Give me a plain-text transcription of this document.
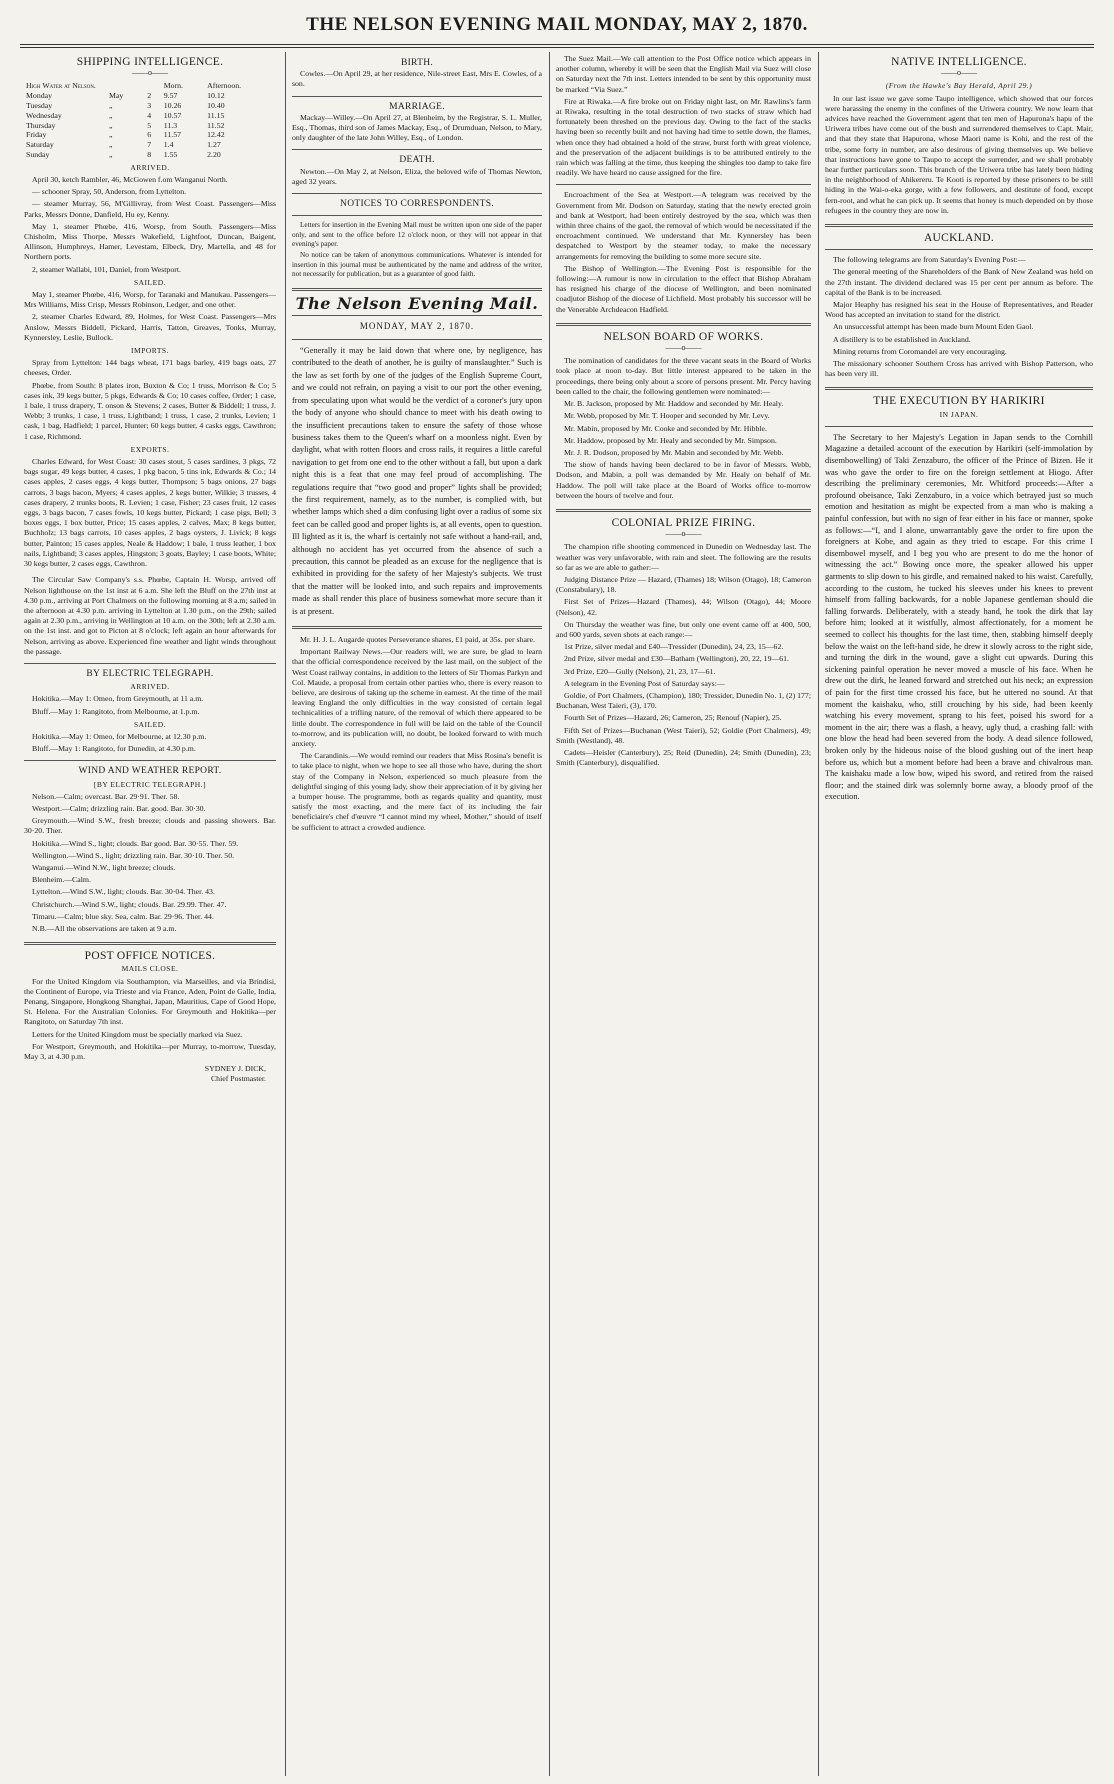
THE NELSON EVENING MAIL MONDAY, MAY 2, 1870.
SHIPPING INTELLIGENCE.
——o——
High Water at Nelson.			Morn.	Afternoon.
Monday	May	2	9.57	10.12
Tuesday	„	3	10.26	10.40
Wednesday	„	4	10.57	11.15
Thursday	„	5	11.3	11.52
Friday	„	6	11.57	12.42
Saturday	„	7	1.4	1.27
Sunday	„	8	1.55	2.20
ARRIVED.

April 30, ketch Rambler, 46, McGowen f.om Wanganui North.

— schooner Spray, 50, Anderson, from Lyttelton.

— steamer Murray, 56, M'Gillivray, from West Coast. Passengers—Miss Parks, Messrs Donne, Danfield, Hu ey, Kenny.

May 1, steamer Phœbe, 416, Worsp, from South. Passengers—Miss Chisholm, Miss Thorpe, Messrs Wakefield, Lightfoot, Duncan, Baigent, Allinson, Humphreys, Hamer, Levestam, Elbeck, Dry, Martella, and 48 for Northern ports.

2, steamer Wallabi, 101, Daniel, from Westport.

SAILED.

May 1, steamer Phœbe, 416, Worsp, for Taranaki and Manukau. Passengers—Mrs Williams, Miss Crisp, Messrs Robinson, Ledger, and one other.

2, steamer Charles Edward, 89, Holmes, for West Coast. Passengers—Mrs Anslow, Messrs Biddell, Pickard, Harris, Tatton, Greaves, Tonks, Murray, Kynnersley, Leslie, Bullock.

IMPORTS.

Spray from Lyttelton: 144 bags wheat, 171 bags barley, 419 bags oats, 27 cheeses, Order.

Phœbe, from South: 8 plates iron, Buxton & Co; 1 truss, Morrison & Co; 5 cases ink, 39 kegs butter, 5 pkgs, Edwards & Co; 10 cases coffee, Order; 1 case, 1 bale, 1 truss drapery, T. onson & Stevens; 2 cases, Butter & Biddell; 1 truss, J. Webb; 3 trunks, 1 case, 1 truss, Lightband; 1 truss, 1 case, 2 trunks, Levien; 1 cask, 1 bag, Hadfield; 1 parcel, Hunter; 60 kegs butter, 4 casks eggs, Cawthron; 1 case, Richmond.

EXPORTS.

Charles Edward, for West Coast: 30 cases stout, 5 cases sardines, 3 pkgs, 72 bags sugar, 49 kegs butter, 4 cases, 1 pkg bacon, 5 tins ink, Edwards & Co.; 14 cases apples, 2 cases eggs, 4 kegs butter, Thompson; 5 bags onions, 27 bags carrots, 3 bags bacon, Myers; 4 cases apples, 2 kegs butter, Wilkie; 3 trusses, 4 cases drapery, 2 trunks boots, R. Levien; 1 case, Fisher; 23 cases fruit, 12 cases eggs, 3 bags bacon, 7 cases fowls, 10 kegs butter, Pickard; 1 case pigs, Bell; 3 boxes eggs, 1 box butter, Price; 15 cases apples, 2 calves, Max; 8 kegs butter, Buchholz; 13 bags carrots, 10 cases apples, 2 bags oysters, J. Livick; 8 kegs butter, Painton; 15 cases apples, Neale & Haddow; 1 bale, 1 truss leather, 1 box nails, Lightband; 3 cases apples, Hingston; 3 goats, Bayley; 1 case boots, White; 30 kegs butter, 2 cases eggs, Cawthron.

The Circular Saw Company's s.s. Phœbe, Captain H. Worsp, arrived off Nelson lighthouse on the 1st inst at 6 a.m. She left the Bluff on the 27th inst at 4.30 p.m., arriving at Port Chalmers on the following morning at 8 a.m; sailed in the afternoon at 4.30 p.m. arriving in Lyttelton at 1.30 p.m., on the 29th; sailed again at 2.30 p.m., arriving in Wellington at 10 a.m. on the 30th; left at 2.30 a.m. on the 1st inst. and got to Picton at 8 o'clock; left again an hour afterwards for Nelson, arriving as above. Experienced fine weather and light winds throughout the passage.

BY ELECTRIC TELEGRAPH.
ARRIVED.

Hokitika.—May 1: Omeo, from Greymouth, at 11 a.m.

Bluff.—May 1: Rangitoto, from Melbourne, at 1.p.m.

SAILED.

Hokitika.—May 1: Omeo, for Melbourne, at 12.30 p.m.

Bluff.—May 1: Rangitoto, for Dunedin, at 4.30 p.m.

WIND AND WEATHER REPORT.
[BY ELECTRIC TELEGRAPH.]

Nelson.—Calm; overcast. Bar. 29·91. Ther. 58.

Westport.—Calm; drizzling rain. Bar. good. Bar. 30·30.

Greymouth.—Wind S.W., fresh breeze; clouds and passing showers. Bar. 30·20. Ther.

Hokitika.—Wind S., light; clouds. Bar good. Bar. 30·55. Ther. 59.

Wellington.—Wind S., light; drizzling rain. Bar. 30·10. Ther. 50.

Wanganui.—Wind N.W., light breeze; clouds.

Blenheim.—Calm.

Lyttelton.—Wind S.W., light; clouds. Bar. 30·04. Ther. 43.

Christchurch.—Wind S.W., light; clouds. Bar. 29.99. Ther. 47.

Timaru.—Calm; blue sky. Sea, calm. Bar. 29·96. Ther. 44.

N.B.—All the observations are taken at 9 a.m.

POST OFFICE NOTICES.
MAILS CLOSE.

For the United Kingdom via Southampton, via Marseilles, and via Brindisi, the Continent of Europe, via Trieste and via France, Aden, Point de Galle, India, Penang, Singapore, Hongkong Shanghai, Japan, Mauritius, Cape of Good Hope, St. Helena. For the Australian Colonies. For Greymouth and Hokitika—per Rangitoto, on Saturday 7th inst.

Letters for the United Kingdom must be specially marked via Suez.

For Westport, Greymouth, and Hokitika—per Murray, to-morrow, Tuesday, May 3, at 4.30 p.m.

SYDNEY J. DICK,
Chief Postmaster.
BIRTH.

Cowles.—On April 29, at her residence, Nile-street East, Mrs E. Cowles, of a son.

MARRIAGE.

Mackay—Willey.—On April 27, at Blenheim, by the Registrar, S. L. Muller, Esq., Thomas, third son of James Mackay, Esq., of Drumduan, Nelson, to Mary, only daughter of the late John Willey, Esq., of London.

DEATH.

Newton.—On May 2, at Nelson, Eliza, the beloved wife of Thomas Newton, aged 32 years.

NOTICES TO CORRESPONDENTS.

Letters for insertion in the Evening Mail must be written upon one side of the paper only, and sent to the office before 12 o'clock noon, or they will not appear in that evening's paper.

No notice can be taken of anonymous communications. Whatever is intended for insertion in this journal must be authenticated by the name and address of the writer, not necessarily for publication, but as a guarantee of good faith.

The Nelson Evening Mail.
MONDAY, MAY 2, 1870.

“Generally it may be laid down that where one, by negligence, has contributed to the death of another, he is guilty of manslaughter.” Such is the law as set forth by one of the judges of the English Supreme Court, and we could not refrain, on paying a visit to our port the other evening, from speculating upon what would be the verdict of a coroner's jury upon the body of anyone who should chance to meet with his death owing to the insufficient precautions taken to ensure the safety of those whose business takes them to the Queen's wharf on a moonless night. Even by daylight, what with rotten floors and cross rails, it requires a little careful navigation to get from one end to the other without a fall, but upon a dark night this is a feat that one may feel proud of accomplishing. The regulations require that “two good and proper” lights shall be provided; the first requirement, namely, as to the number, is complied with, but whether lamps which shed a dim confusing light over a radius of some six feet can be called good and proper lights is, at all events, open to question. Ill lighted as it is, the wharf is certainly not safe without a hand-rail, and, although no accident has yet occurred from the absence of such a precaution, this cannot be pleaded as an excuse for the negligence that is exhibited in providing for the safety of her Majesty's subjects. We trust that the matter will be looked into, and such repairs and improvements made as shall render this place of business somewhat more secure than it is at present.

Mr. H. J. L. Augarde quotes Perseverance shares, £1 paid, at 35s. per share.

Important Railway News.—Our readers will, we are sure, be glad to learn that the official correspondence received by the last mail, on the subject of the West Coast railway contains, in addition to the letters of Sir Thomas Parkyn and Col. Maude, a proposal from certain other parties who, there is every reason to believe, are desirous of taking up the scheme in earnest. At the time of the mail leaving England the only difficulties in the way consisted of certain legal technicalities of a trifling nature, of the removal of which there appeared to be little doubt. The correspondence in full will be laid on the table of the Council to-morrow, and its publication will, no doubt, be looked forward to with much anxiety.

The Carandinis.—We would remind our readers that Miss Rosina's benefit is to take place to night, when we hope to see all those who have, during the short stay of the Company in Nelson, experienced so much pleasure from the delightful singing of this young lady, show their appreciation of it by giving her a bumper house. The programme, both as regards quality and quantity, must satisfy the most exacting, and the mere fact of its including the fair beneficiaire's chef d'œuvre “I cannot mind my wheel, Mother,” should of itself be sufficient to attract a crowded audience.

The Suez Mail.—We call attention to the Post Office notice which appears in another column, whereby it will be seen that the English Mail via Suez will close on Saturday next the 7th inst. Letters intended to be sent by this opportunity must be marked “Via Suez.”

Fire at Riwaka.—A fire broke out on Friday night last, on Mr. Rawlins's farm at Riwaka, resulting in the total destruction of two stacks of straw which had fortunately been threshed on the previous day. Owing to the fact of the stacks having been so recently built and not having had time to settle down, the flames, when once they had obtained a hold of the straw, burst forth with great violence, and the preservation of the adjacent buildings is to be attributed entirely to the rain which was falling at the time, thus keeping the shingles too damp to take fire readily. We have heard no cause assigned for the fire.

Encroachment of the Sea at Westport.—A telegram was received by the Government from Mr. Dodson on Saturday, stating that the newly erected groin and bank at Westport, had been entirely destroyed by the sea, which was then within three chains of the gaol, the removal of which would be necessitated if the encroachment continued. We understand that Mr. Kynnersley has been despatched to Westport by the steamer today, to make the necessary arrangements for removing the building to some more secure site.

The Bishop of Wellington.—The Evening Post is responsible for the following:—A rumour is now in circulation to the effect that Bishop Abraham has resigned his charge of the diocese of Wellington, and been nominated coadjutor Bishop of the diocese of Lichfield. Most probably his successor will be the Venerable Archdeacon Hadfield.

NELSON BOARD OF WORKS.
——o——

The nomination of candidates for the three vacant seats in the Board of Works took place at noon to-day. But little interest appeared to be taken in the proceedings, there being only about a score of persons present. Mr. Percy having been called to the chair, the following gentlemen were nominated:—

Mr. B. Jackson, proposed by Mr. Haddow and seconded by Mr. Healy.

Mr. Webb, proposed by Mr. T. Hooper and seconded by Mr. Levy.

Mr. Mabin, proposed by Mr. Cooke and seconded by Mr. Hibble.

Mr. Haddow, proposed by Mr. Healy and seconded by Mr. Simpson.

Mr. J. R. Dodson, proposed by Mr. Mabin and seconded by Mr. Webb.

The show of hands having been declared to be in favor of Messrs. Webb, Dodson, and Mabin, a poll was demanded by Mr. Healy on behalf of Mr. Haddow. The poll will take place at the Board of Works office to-morrow between the hours of twelve and four.

COLONIAL PRIZE FIRING.
——o——

The champion rifle shooting commenced in Dunedin on Wednesday last. The weather was very unfavorable, with rain and sleet. The following are the results so far as we are able to gather:—

Judging Distance Prize — Hazard, (Thames) 18; Wilson (Otago), 18; Cameron (Constabulary), 18.

First Set of Prizes—Hazard (Thames), 44; Wilson (Otago), 44; Moore (Nelson), 42.

On Thursday the weather was fine, but only one event came off at 400, 500, and 600 yards, seven shots at each range:—

1st Prize, silver medal and £40—Tressider (Dunedin), 24, 23, 15—62.

2nd Prize, silver medal and £30—Batham (Wellington), 20, 22, 19—61.

3rd Prize, £20—Gully (Nelson), 21, 23, 17—61.

A telegram in the Evening Post of Saturday says:—

Goldie, of Port Chalmers, (Champion), 180; Tressider, Dunedin No. 1, (2) 177; Buchanan, West Taieri, (3), 170.

Fourth Set of Prizes—Hazard, 26; Cameron, 25; Renouf (Napier), 25.

Fifth Set of Prizes—Buchanan (West Taieri), 52; Goldie (Port Chalmers), 49; Smith (Westland), 48.

Cadets—Heisler (Canterbury), 25; Reid (Dunedin), 24; Smith (Dunedin), 23; Smith (Canterbury), disqualified.

NATIVE INTELLIGENCE.
——o——
(From the Hawke's Bay Herald, April 29.)

In our last issue we gave some Taupo intelligence, which showed that our forces were harassing the enemy in the confines of the Uriwera country. We now learn that advices have reached the Government agent that ten men of Hapurona's hapu of the Uriwera tribes have come out of the bush and surrendered themselves to Capt. Mair, and that they state that Hapurona, whose Maori name is Kohi, and the rest of the tribe, some forty in number, are also desirous of giving themselves up. We believe that instructions have gone to Taupo to accept the surrender, and we shall probably hear further particulars soon. This branch of the Uriwera tribe has lately been hiding in the neighborhood of Ahikereru. Te Kooti is reported by these prisoners to be still hiding in the Wai-o-eka gorge, with a few followers, and destitute of food, except fern-root, and what he can pick up. It seems that honey is much depended on by those refugees in the country they are now in.

AUCKLAND.

The following telegrams are from Saturday's Evening Post:—

The general meeting of the Shareholders of the Bank of New Zealand was held on the 27th instant. The dividend declared was 15 per cent per annum as before. The capital of the Bank is to be increased.

Major Heaphy has resigned his seat in the House of Representatives, and Reader Wood has accepted an invitation to stand for the district.

An unsuccessful attempt has been made burn Mount Eden Gaol.

A distillery is to be established in Auckland.

Mining returns from Coromandel are very encouraging.

The missionary schooner Southern Cross has arrived with Bishop Patterson, who has been very ill.

THE EXECUTION BY HARIKIRI
IN JAPAN.

The Secretary to her Majesty's Legation in Japan sends to the Cornhill Magazine a detailed account of the execution by Harikiri (self-immolation by disembowelling) of Taki Zenzaburo, the officer of the Prince of Bizen. He it was who gave the order to fire on the foreign settlement at Hiogo. After describing the preliminary ceremonies, Mr. Whitford proceeds:—After a profound obeisance, Taki Zenzaburo, in a voice which betrayed just so much emotion and hesitation as might be expected from a man who is making a painful confession, but with no sign of fear either in his face or manner, spoke as follows:—“I, and I alone, unwarrantably gave the order to fire upon the foreigners at Kobe, and again as they tried to escape. For this crime I disembowel myself, and I beg you who are present to do me the honor of witnessing the act.” Bowing once more, the speaker allowed his upper garments to slip down to his girdle, and remained naked to his waist. Carefully, according to the custom, he tucked his sleeves under his knees to prevent himself from falling backwards, for a noble Japanese gentleman should die falling forwards. Deliberately, with a steady hand, he took the dirk that lay before him; looked at it wistfully, almost affectionately, for a moment he seemed to collect his thoughts for the last time, then, stabbing himself deeply below the waist on the left-hand side, he drew it slowly across to the right side, and turning the dirk in the wound, gave a slight cut upwards. During this sickening painful operation he never moved a muscle of his face. When he drew out the dirk, he leaned forward and stretched out his neck; an expression of pain for the first time crossed his face, but he uttered no sound. At that moment the kaishaku, who, still crouching by his side, had been keenly watching his every movement, sprang to his feet, poised his sword for a moment in the air; there was a flash, a heavy, ugly thud, a crashing fall: with one blow the head had been severed from the body. A dead silence followed, broken only by the hideous noise of the blood gushing out of the inert heap before us, which but a moment before had been a brave and chivalrous man. The kaishaku made a low bow, wiped his sword, and retired from the raised floor; and the stained dirk was solemnly borne away, a bloody proof of the execution.
